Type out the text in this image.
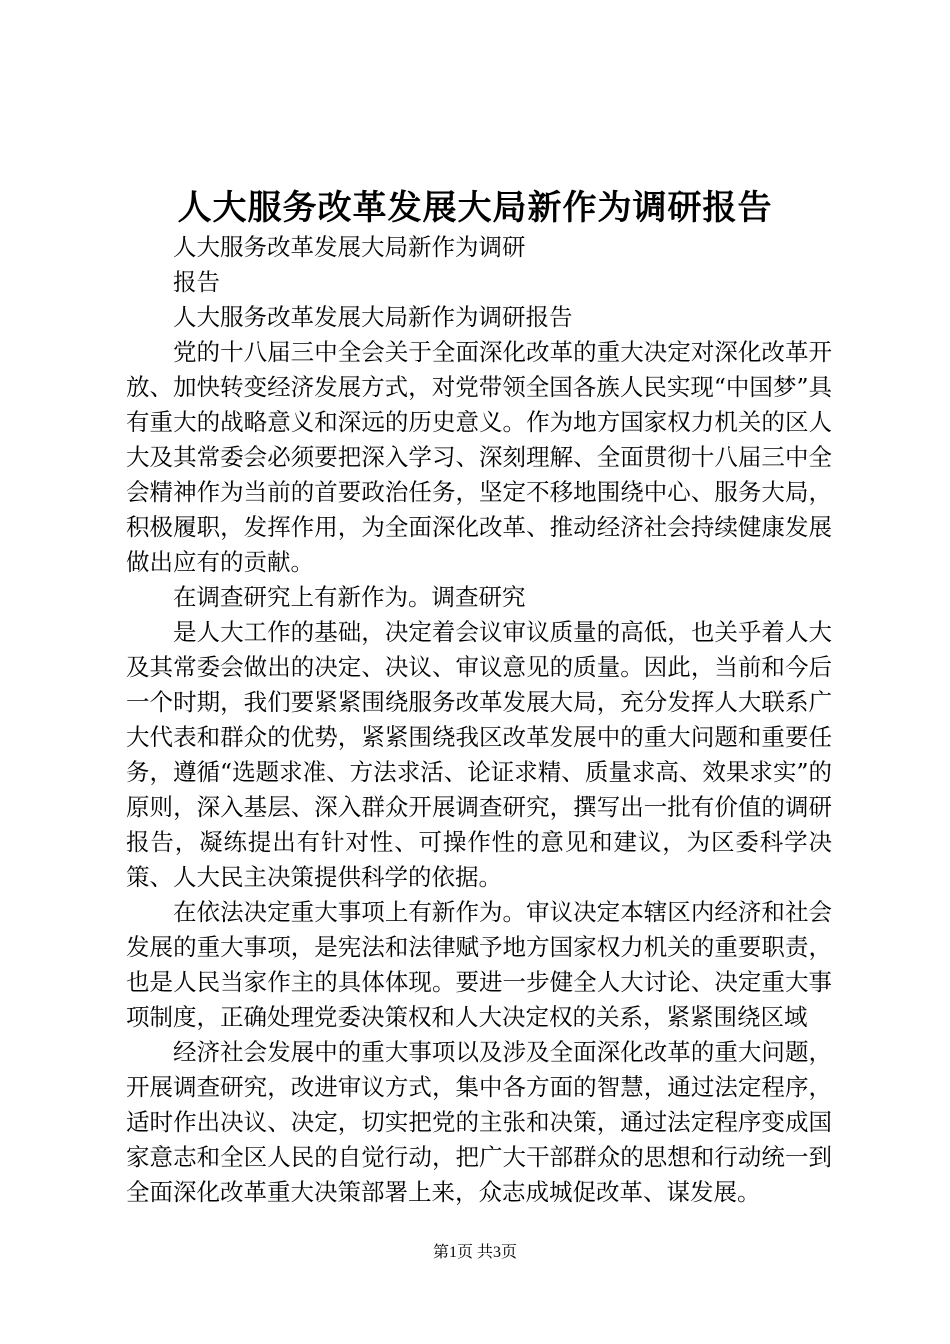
人大服务改革发展大局新作为调研报告

人大服务改革发展大局新作为调研

报告

人大服务改革发展大局新作为调研报告

党的十八届三中全会关于全面深化改革的重大决定对深化改革开放、加快转变经济发展方式，对党带领全国各族人民实现“中国梦”具有重大的战略意义和深远的历史意义。作为地方国家权力机关的区人大及其常委会必须要把深入学习、深刻理解、全面贯彻十八届三中全会精神作为当前的首要政治任务，坚定不移地围绕中心、服务大局，积极履职，发挥作用，为全面深化改革、推动经济社会持续健康发展做出应有的贡献。

在调查研究上有新作为。调查研究

是人大工作的基础，决定着会议审议质量的高低，也关乎着人大及其常委会做出的决定、决议、审议意见的质量。因此，当前和今后一个时期，我们要紧紧围绕服务改革发展大局，充分发挥人大联系广大代表和群众的优势，紧紧围绕我区改革发展中的重大问题和重要任务，遵循“选题求准、方法求活、论证求精、质量求高、效果求实”的原则，深入基层、深入群众开展调查研究，撰写出一批有价值的调研报告，凝练提出有针对性、可操作性的意见和建议，为区委科学决策、人大民主决策提供科学的依据。

在依法决定重大事项上有新作为。审议决定本辖区内经济和社会发展的重大事项，是宪法和法律赋予地方国家权力机关的重要职责，也是人民当家作主的具体体现。要进一步健全人大讨论、决定重大事项制度，正确处理党委决策权和人大决定权的关系，紧紧围绕区域

经济社会发展中的重大事项以及涉及全面深化改革的重大问题，开展调查研究，改进审议方式，集中各方面的智慧，通过法定程序，适时作出决议、决定，切实把党的主张和决策，通过法定程序变成国家意志和全区人民的自觉行动，把广大干部群众的思想和行动统一到全面深化改革重大决策部署上来，众志成城促改革、谋发展。

第1页 共3页
